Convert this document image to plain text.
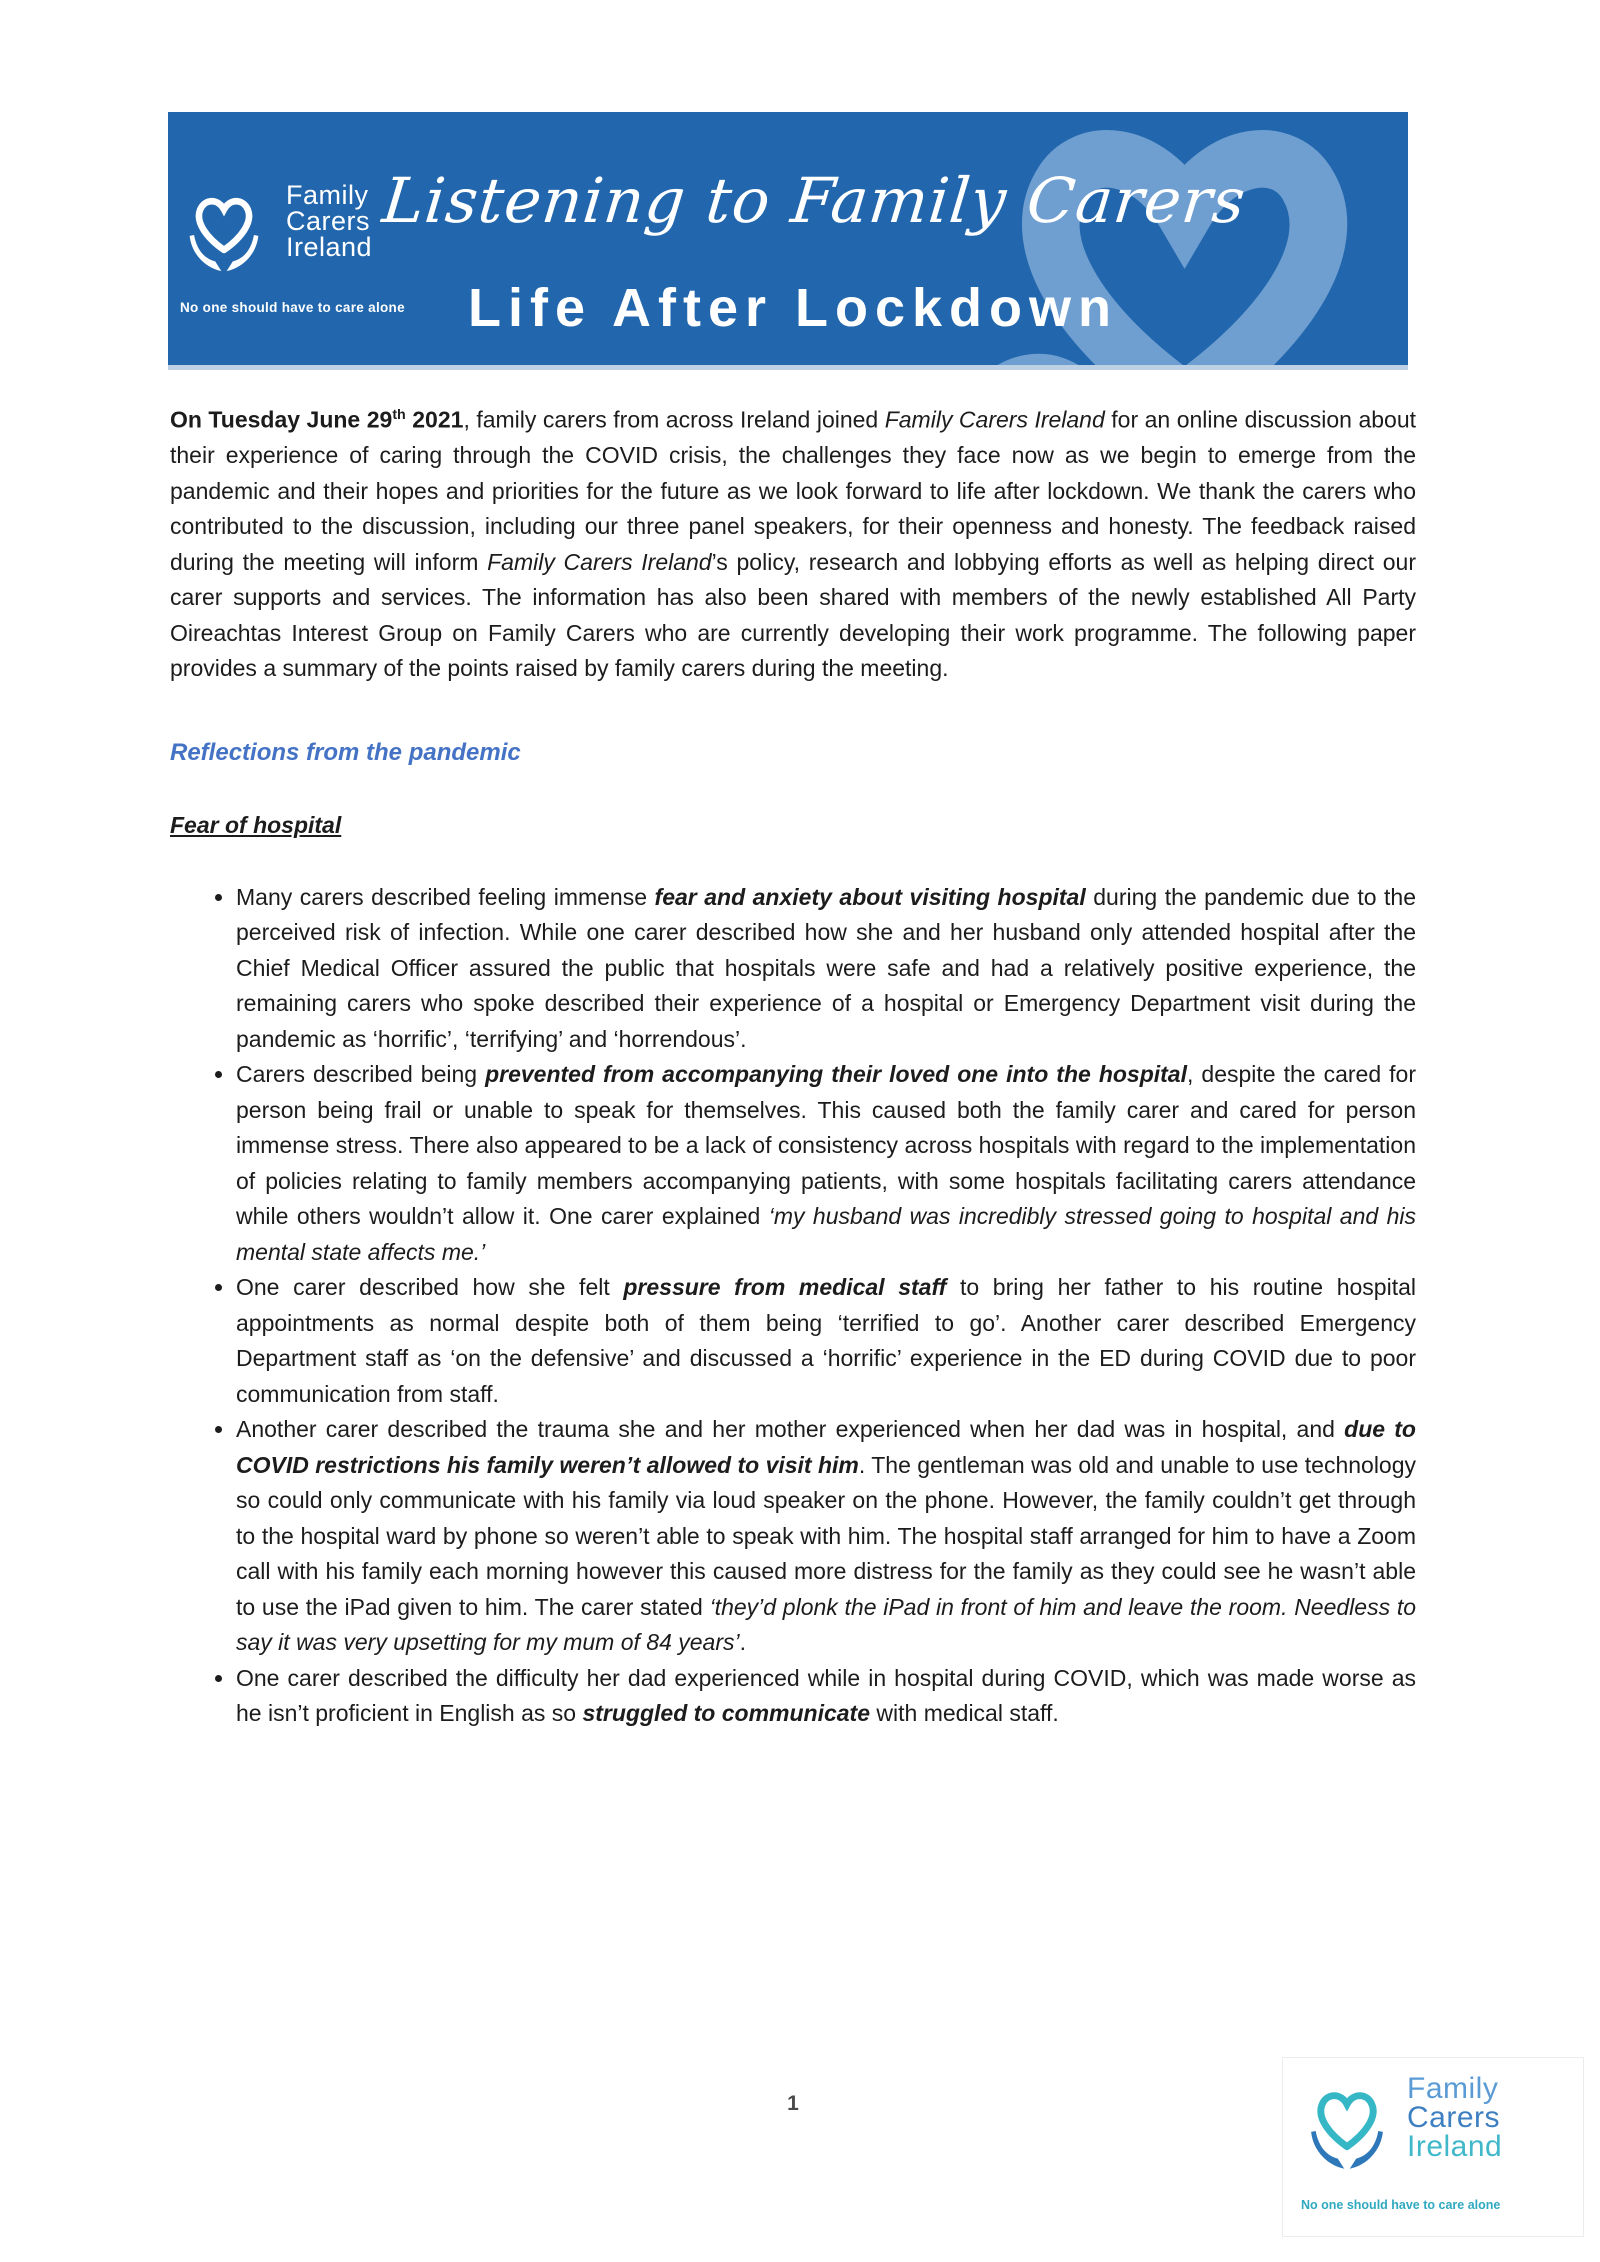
Family
Carers
Ireland
No one should have to care alone
Listening to Family Carers
Life After Lockdown

On Tuesday June 29th 2021, family carers from across Ireland joined Family Carers Ireland for an online discussion about their experience of caring through the COVID crisis, the challenges they face now as we begin to emerge from the pandemic and their hopes and priorities for the future as we look forward to life after lockdown. We thank the carers who contributed to the discussion, including our three panel speakers, for their openness and honesty. The feedback raised during the meeting will inform Family Carers Ireland’s policy, research and lobbying efforts as well as helping direct our carer supports and services. The information has also been shared with members of the newly established All Party Oireachtas Interest Group on Family Carers who are currently developing their work programme. The following paper provides a summary of the points raised by family carers during the meeting.

Reflections from the pandemic
Fear of hospital
• Many carers described feeling immense fear and anxiety about visiting hospital during the pandemic due to the perceived risk of infection. While one carer described how she and her husband only attended hospital after the Chief Medical Officer assured the public that hospitals were safe and had a relatively positive experience, the remaining carers who spoke described their experience of a hospital or Emergency Department visit during the pandemic as ‘horrific’, ‘terrifying’ and ‘horrendous’.
• Carers described being prevented from accompanying their loved one into the hospital, despite the cared for person being frail or unable to speak for themselves. This caused both the family carer and cared for person immense stress. There also appeared to be a lack of consistency across hospitals with regard to the implementation of policies relating to family members accompanying patients, with some hospitals facilitating carers attendance while others wouldn’t allow it. One carer explained ‘my husband was incredibly stressed going to hospital and his mental state affects me.’
• One carer described how she felt pressure from medical staff to bring her father to his routine hospital appointments as normal despite both of them being ‘terrified to go’. Another carer described Emergency Department staff as ‘on the defensive’ and discussed a ‘horrific’ experience in the ED during COVID due to poor communication from staff.
• Another carer described the trauma she and her mother experienced when her dad was in hospital, and due to COVID restrictions his family weren’t allowed to visit him. The gentleman was old and unable to use technology so could only communicate with his family via loud speaker on the phone. However, the family couldn’t get through to the hospital ward by phone so weren’t able to speak with him. The hospital staff arranged for him to have a Zoom call with his family each morning however this caused more distress for the family as they could see he wasn’t able to use the iPad given to him. The carer stated ‘they’d plonk the iPad in front of him and leave the room. Needless to say it was very upsetting for my mum of 84 years’.
• One carer described the difficulty her dad experienced while in hospital during COVID, which was made worse as he isn’t proficient in English as so struggled to communicate with medical staff.
1	Family
Carers
Ireland
No one should have to care alone
